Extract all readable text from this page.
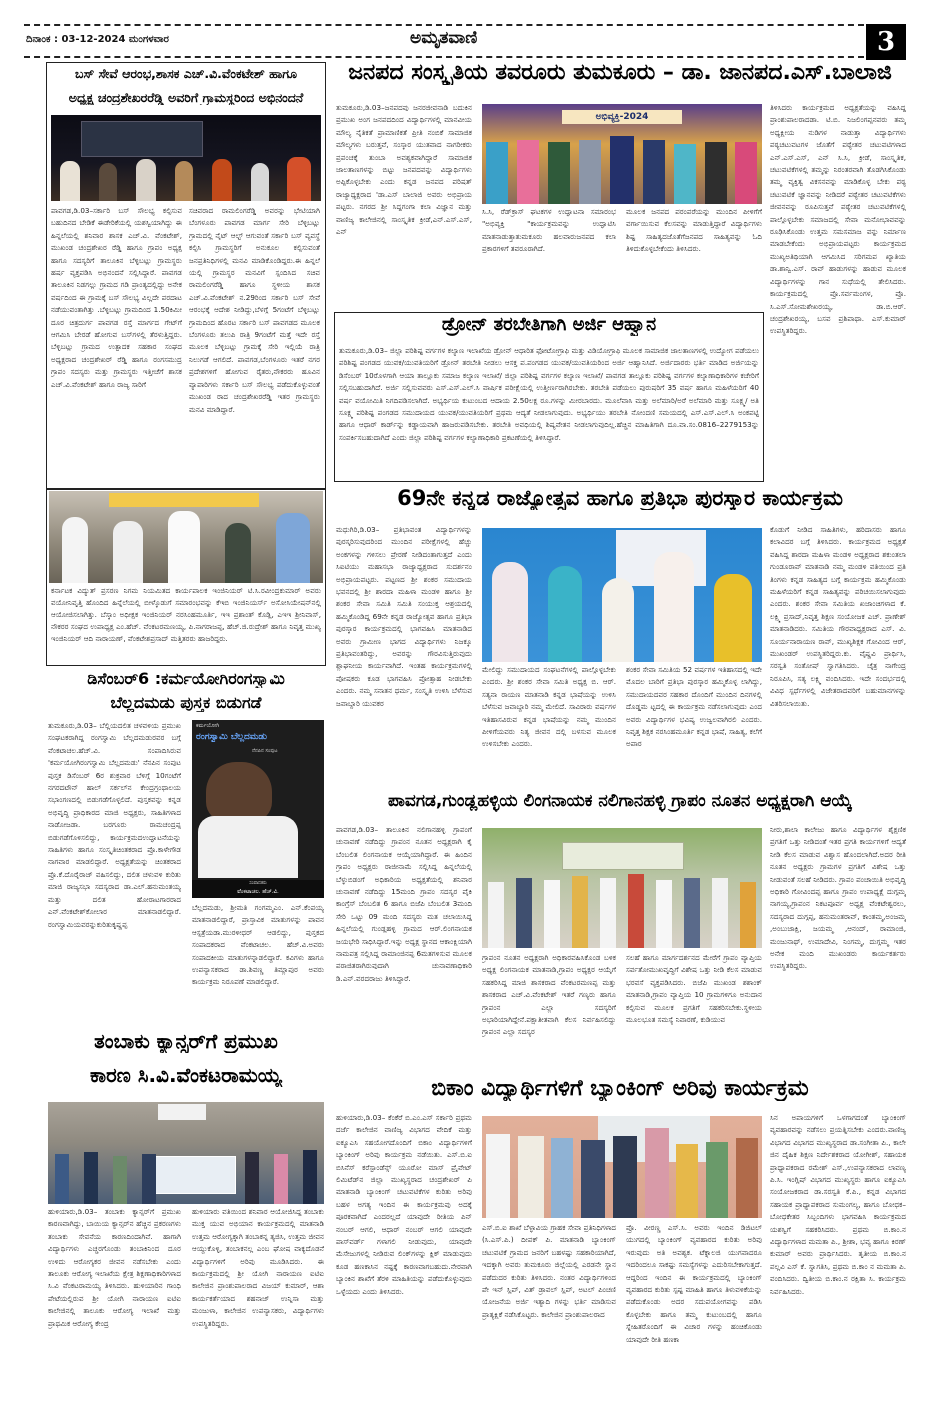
ದಿನಾಂಕ : 03-12-2024 ಮಂಗಳವಾರ	ಅಮೃತವಾಣಿ	3
ಬಸ್ ಸೇವೆ ಆರಂಭ,ಶಾಸಕ ಎಚ್.ವಿ.ವೆಂಕಟೇಶ್ ಹಾಗೂ
ಅಧ್ಯಕ್ಷ ಚಂದ್ರಶೇಖರರೆಡ್ಡಿ ಅವರಿಗೆ ಗ್ರಾಮಸ್ಥರಿಂದ ಅಭಿನಂದನೆ
ಪಾವಗಡ,ಡಿ.03–ಸರ್ಕಾರಿ ಬಸ್ ಸೌಲಭ್ಯ ಕಲ್ಪಿಸುವ ಬಹುದಿನದ ಬೇಡಿಕೆ ಈಡೇರಿಕೆಯಲ್ಲಿ ಯಶಸ್ವಿಯಾಗಿದ್ದು ಈ ಹಿನ್ನಲೆಯಲ್ಲಿ ಶನಿವಾರ ಶಾಸಕ ಎಚ್.ವಿ. ವೆಂಕಟೇಶ್, ಮುಖಂಡ ಚಂದ್ರಶೇಖರ ರೆಡ್ಡಿ ಹಾಗೂ ಗ್ರಾಪಂ ಅಧ್ಯಕ್ಷ ಹಾಗೂ ಸದಸ್ಯರಿಗೆ ತಾಲೂಕಿನ ಬೆಳ್ಳಿಬಟ್ಲು ಗ್ರಾಮಸ್ಥರು ಹರ್ಷ ವ್ಯಕ್ತಪಡಿಸಿ ಅಭಿನಂದನೆ ಸಲ್ಲಿಸಿದ್ದಾರೆ. ಪಾವಗಡ ತಾಲೂಕಿನ ನಿಡಗಲ್ಲು ಗ್ರಾಮದ ಗಡಿ ಪ್ರಾಂತ್ಯದಲ್ಲಿದ್ದು ಅನೇಕ ವರ್ಷದಿಂದ ಈ ಗ್ರಾಮಕ್ಕೆ ಬಸ್ ಸೌಲಭ್ಯ ವಿಲ್ಲದೇ ಪರದಾಟ ನಡೆಯುವಂತಾಗಿತ್ತು .ಬೆಳ್ಳಿಬಟ್ಲು ಗ್ರಾಮದಿಂದ 1.50ಕಿಮೀ ದೂರ ಚಿತ್ರದುರ್ಗ ಪಾವಗಡ ರಸ್ತೆ ಮಾರ್ಗದ ಗೇಟ್‌ಗೆ ಆಗಮಿಸಿ ಬೇರಡೆ ಹೋಗುವ ಬಸ್‌ಗಳಲ್ಲಿ ತೆರಳುತ್ತಿದ್ದರು. ಬೆಳ್ಳಿಬಟ್ಲು ಗ್ರಾಮದ ಉತ್ಪಾದಕ ಸಹಕಾರ ಸಂಘದ ಅಧ್ಯಕ್ಷರಾದ ಚಂದ್ರಶೇಖರ್ ರೆಡ್ಡಿ ಹಾಗೂ ರಂಗಸಮುದ್ರ ಗ್ರಾಪಂ ಸದಸ್ಯರು ಮತ್ತು ಗ್ರಾಮಸ್ಥರು ಇತ್ತೀಚೆಗೆ ಶಾಸಕ ಎಚ್.ವಿ.ವೆಂಕಟೇಶ್ ಹಾಗೂ ರಾಜ್ಯ ಸಾರಿಗೆ
ಸಚಿವರಾದ ರಾಮಲಿಂಗರೆಡ್ಡಿ ಅವರನ್ನು ಭೇಟಿಯಾಗಿ ಬೆಂಗಳೂರು ಪಾವಗಡ ಮಾರ್ಗ ಸೇರಿ ಬೆಳ್ಳಿಬಟ್ಲು ಗ್ರಾಮದಲ್ಲಿ ನೈಟ್ ಆಲ್ಟ್ ಆಗುವಂತೆ ಸರ್ಕಾರಿ ಬಸ್ ವ್ಯವಸ್ಥೆ ಕಲ್ಪಿಸಿ ಗ್ರಾಮಸ್ಥರಿಗೆ ಅನುಕೂಲ ಕಲ್ಪಿಸುವಂತೆ ಜನಪ್ರತಿನಿಧಿಗಳಲ್ಲಿ ಮನವಿ ಮಾಡಿಕೊಂಡಿದ್ದರು.ಈ ಹಿನ್ನಲೆ ಯಲ್ಲಿ ಗ್ರಾಮಸ್ಥರ ಮನವಿಗೆ ಸ್ಪಂದಿಸಿದ ಸಚಿವ ರಾಮಲಿಂಗರೆಡ್ಡಿ ಹಾಗೂ ಸ್ಥಳೀಯ ಶಾಸಕ ಎಚ್.ವಿ.ವೆಂಕಟೇಶ್ ನ.29ರಿಂದ ಸರ್ಕಾರಿ ಬಸ್ ಸೇವೆ ಆರಂಭಕ್ಕೆ ಆದೇಶ ನೀಡಿದ್ದು,ಬೆಳಗ್ಗೆ 5ಗಂಟೆಗೆ ಬೆಳ್ಳಿಬಟ್ಲು ಗ್ರಾಮದಿಂದ ಹೊರಟ ಸರ್ಕಾರಿ ಬಸ್ ಪಾವಗಡದ ಮೂಲಕ ಬೆಂಗಳೂರು ತಲುಪಿ ರಾತ್ರಿ 9ಗಂಟೆಗೆ ಮತ್ತೆ ಇದೇ ರಸ್ತೆ ಮೂಲಕ ಬೆಳ್ಳಿಬಟ್ಲು ಗ್ರಾಮಕ್ಕೆ ಸೇರಿ ಇಲ್ಲಿಯೆ ರಾತ್ರಿ ನಿಲುಗಡೆ ಆಗಲಿದೆ. ಪಾವಗಡ,ಬೆಂಗಳೂರು ಇತರೆ ನಗರ ಪ್ರದೇಶಗಳಿಗೆ ಹೋಗುವ ರೈತರು,ನೌಕರರು ಹೂವಿನ ವ್ಯಾಪಾರಿಗಳು ಸರ್ಕಾರಿ ಬಸ್ ಸೌಲಭ್ಯ ಪಡೆದುಕೊಳ್ಳುವಂತೆ ಮುಖಂಡ ರಾದ ಚಂದ್ರಶೇಖರರೆಡ್ಡಿ ಇತರ ಗ್ರಾಮಸ್ಥರು ಮನವಿ ಮಾಡಿದ್ದಾರೆ.
ಕರ್ನಾಟಕ ವಿದ್ಯುತ್ ಪ್ರಸರಣ ನಿಗಮ ನಿಯಮಿತದ ಕಾರ್ಯಪಾಲಕ ಇಂಜಿನಿಯರ್ ಟಿ.ಸಿ.ರವೀಂದ್ರಕುಮಾರ್ ಅವರು ವಯೋನಿವೃತ್ತಿ ಹೊಂದಿದ ಹಿನ್ನೆಲೆಯಲ್ಲಿ ಬೀಳ್ಕೊಡುಗೆ ಸಮಾರಂಭವನ್ನು ಕೆಇಬಿ ಇಂಜಿನಿಯರ್ಸ್ ಅಸೋಸಿಯೇಷನ್‌ನಲ್ಲಿ ಆಯೋಜಿಸಲಾಗಿತ್ತು. ಬೆಸ್ಕಾಂ ಅಧೀಕ್ಷಕ ಇಂಜಿನಿಯರ್ ನರಸಿಂಹಮೂರ್ತಿ, ಇಇ ಪ್ರಶಾಂತ್ ಕೊಡ್ಲಿ, ಎಇಇ ಶ್ರೀನಿವಾಸ್, ನೌಕರರ ಸಂಘದ ಉಪಾಧ್ಯಕ್ಷ ಎಂ.ಹೆಚ್. ವೆಂಕಟರಮಣಯ್ಯ, ಪಿ.ನಾಗರಾಜಪ್ಪ, ಹೆಚ್.ಜಿ.ರುದ್ರೇಶ್ ಹಾಗೂ ನಿವೃತ್ತ ಮುಖ್ಯ ಇಂಜಿನಿಯರ್ ಆದಿ ನಾರಾಯಣ್, ವೆಂಕಟೇಶಪ್ರಸಾದ್ ಮತ್ತಿತರರು ಹಾಜರಿದ್ದರು.
ಡಿಸೆಂಬರ್6 :ಕರ್ಮಯೋಗಿರಂಗಸ್ವಾಮಿ
ಬೆಲ್ಲದಮಡು ಪುಸ್ತಕ ಬಿಡುಗಡೆ
ತುಮಕೂರು,ಡಿ.03– ಬೆಲ್ಲಿಯದಲಿತ ಚಳವಳಿಯ ಪ್ರಮುಖ ಸಂಘಟಕರಾಗಿದ್ದ ರಂಗಸ್ವಾಮಿ ಬೆಲ್ಲದಮಡುರವರ ಬಗ್ಗೆ ವೆಂಕಟಾಚಲ.ಹೆಚ್.ವಿ. ಸಂಪಾದಿಸಿರುವ 'ಕರ್ಮಯೋಗಿರಂಗಸ್ವಾಮಿ ಬೆಲ್ಲದಮಡು' ನೆನಪಿನ ಸಂಪುಟ ಪುಸ್ತಕ ಡಿಸೆಂಬರ್ 6ರ ಶುಕ್ರವಾರ ಬೆಳಿಗ್ಗೆ 10ಗಂಟೆಗೆ ನಗರದಟೌನ್ ಹಾಲ್ ಸರ್ಕಲ್‌ನ ಕೇಂದ್ರಗ್ರಂಥಾಲಯ ಸಭಾಂಗಣದಲ್ಲಿ ಬಿಡುಗಡೆಗೊಳ್ಳಲಿದೆ. ಪುಸ್ತಕವನ್ನು ಕನ್ನಡ ಅಭಿವೃದ್ಧಿ ಪ್ರಾಧಿಕಾರದ ಮಾಜಿ ಅಧ್ಯಕ್ಷರು, ಸಾಹಿತಿಗಳಾದ ನಾಡೋಜಡಾ. ಬರಗೂರು ರಾಮಚಂದ್ರಪ್ಪ ಬಿಡುಗಡೆಗೊಳಿಸಲಿದ್ದು, ಕಾರ್ಯಕ್ರಮದಉದ್ಘಾಟನೆಯನ್ನು ಸಾಹಿತಿಗಳು ಹಾಗೂ ಸಂಸ್ಕೃತಿಚಿಂತಕರಾದ ಪ್ರೊ.ಕಾಳೇಗೌಡ ನಾಗವಾರ ಮಾಡಲಿದ್ದಾರೆ. ಅಧ್ಯಕ್ಷತೆಯನ್ನು ಚಿಂತಕರಾದ ಪ್ರೊ.ಕೆ.ದೊರೈರಾಜ್ ವಹಿಸಲಿದ್ದು, ದಲಿತ ಚಳುವಳಿ ಕುರಿತು ಮಾಜಿ ರಾಜ್ಯಸಭಾ ಸದಸ್ಯರಾದ ಡಾ.ಎಲ್.ಹನುಮಂತಯ್ಯ ಮತ್ತು ದಲಿತ ಹೋರಾಟಗಾರರಾದ ಎನ್.ವೆಂಕಟೇಶ್‌ಕೋಲಾರ ಮಾತನಾಡಲಿದ್ದಾರೆ. ರಂಗಸ್ವಾಮಿಯವರನ್ನುಕುರಿತುಕೃಷ್ಣಪ್ಪ
ಕರ್ಮಯೋಗಿ
ರಂಗಸ್ವಾಮಿ ಬೆಲ್ಲದಮಡು
ನೆನಪಿನ ಸಂಪುಟ
ಸಂಪಾದಕರು
ವೆಂಕಟಾಚಲ. ಹೆಚ್.ವಿ.
ಬೆಲ್ಲದಮಡು, ಶ್ರೀಮತಿ ಗಂಗಮ್ಮಎಂ. ಎನ್.ಕೆಂಪಯ್ಯ ಮಾತನಾಡಲಿದ್ದಾರೆ, ಪ್ರಾಸ್ತಾವಿಕ ಮಾತುಗಳನ್ನು ಪಾವನ ಆಸ್ಪತ್ರೆಯಡಾ.ಮುರಳೀಧರ್ ಆಡಲಿದ್ದು, ಪುಸ್ತಕದ ಸಂಪಾದಕರಾದ ವೆಂಕಟಾಚಲ. ಹೆಚ್.ವಿ.ಅವರು ಸಂಪಾದಕೀಯ ಮಾತುಗಳನ್ನಾಡಲಿದ್ದಾರೆ. ಕವಿಗಳು ಹಾಗೂ ಉಪನ್ಯಾಸಕರಾದ ಡಾ.ಶಿವಣ್ಣ ತಿಮ್ಲಾಪುರ ಅವರು ಕಾರ್ಯಕ್ರಮ ನಿರೂಪಣೆ ಮಾಡಲಿದ್ದಾರೆ.
ತಂಬಾಕು ಕ್ಯಾನ್ಸರ್‌ಗೆ ಪ್ರಮುಖ
ಕಾರಣ ಸಿ.ವಿ.ವೆಂಕಟರಾಮಯ್ಯ
ಹುಳಿಯಾರು,ಡಿ.03– ತಂಬಾಕು ಕ್ಯಾನ್ಸರ್‌ಗೆ ಪ್ರಮುಖ ಕಾರಣವಾಗಿದ್ದು, ಬಾಯಿಯ ಕ್ಯಾನ್ಸರ್‌ನ ಹೆಚ್ಚಿನ ಪ್ರಕರಣಗಳು ತಂಬಾಕು ಸೇವನೆಯ ಕಾರಣದಿಂದಾಗಿವೆ. ಹಾಗಾಗಿ ವಿದ್ಯಾರ್ಥಿಗಳು ಎಚ್ಚರಗೊಂಡು ತಂಬಾಕಿನಿಂದ ದೂರ ಉಳಿದು ಆರೋಗ್ಯಕರ ಜೀವನ ನಡೆಸಬೇಕು ಎಂದು ತಾಲೂಕು ಆರೋಗ್ಯ ಇಲಾಖೆಯ ಕ್ಷೇತ್ರ ಶಿಕ್ಷಣಾಧಿಕಾರಿಗಳಾದ ಸಿ.ವಿ ವೆಂಕಟರಾಮಯ್ಯ ತಿಳಿಸಿದರು. ಹುಳಿಯಾರಿನ ಗಾಂಧಿ ಪೇಟೆಯಲ್ಲಿರುವ ಶ್ರೀ ಯೋಗಿ ನಾರಾಯಣ ಐಟಿಐ ಕಾಲೇಜಿನಲ್ಲಿ ತಾಲೂಕು ಆರೋಗ್ಯ ಇಲಾಖೆ ಮತ್ತು ಪ್ರಾಥಮಿಕ ಆರೋಗ್ಯ ಕೇಂದ್ರ
ಹುಳಿಯಾರು ವತಿಯಿಂದ ಶನಿವಾರ ಆಯೋಜಿಸಿದ್ದ ತಂಬಾಕು ಮುಕ್ತ ಯುವ ಅಭಿಯಾನ ಕಾರ್ಯಕ್ರಮದಲ್ಲಿ ಮಾತನಾಡಿ ಉತ್ತಮ ಆರೋಗ್ಯಕ್ಕಾಗಿ ತಂಬಾಕನ್ನ ತ್ಯಜಿಸಿ, ಉತ್ತಮ ಜೀವನ ಆಯ್ದುಕೊಳ್ಳಿ, ತಂಬಾಕನಲ್ಲ ಎಂಬ ಘೋಷ ವಾಕ್ಯದೊಡನೆ ವಿದ್ಯಾರ್ಥಿಗಳಿಗೆ ಅರಿವು ಮೂಡಿಸಿದರು. ಈ ಕಾರ್ಯಕ್ರಮದಲ್ಲಿ ಶ್ರೀ ಯೋಗಿ ನಾರಾಯಣ ಐಟಿಐ ಕಾಲೇಜಿನ ಪ್ರಾಂಶುಪಾಲರಾದ ವಿಜಯ್ ಕುಮಾರ್, ಆಶಾ ಕಾರ್ಯಕರ್ತೆಯಾದ ಶಹನಾಜ್ ಉನ್ನಿಸಾ ಮತ್ತು ಮಂಜುಳಾ, ಕಾಲೇಜಿನ ಉಪನ್ಯಾಸಕರು, ವಿದ್ಯಾರ್ಥಿಗಳು ಉಪಸ್ಥಿತರಿದ್ದರು.
ಜನಪದ ಸಂಸ್ಕೃತಿಯ ತವರೂರು ತುಮಕೂರು – ಡಾ. ಜಾನಪದ.ಎಸ್.ಬಾಲಾಜಿ
ತುಮಕೂರು,ಡಿ.03–ಜನಪದವು ಜನರಜೀವನಾಡಿ ಬದುಕಿನ ಪ್ರಮುಖ ಅಂಗ ಜನಪದದಿಂದ ವಿದ್ಯಾರ್ಥಿಗಳಲ್ಲಿ ಮಾನವೀಯ ಮೌಲ್ಯ ನೈತಿಕತೆ ಪ್ರಾಮಾಣಿಕತೆ ಪ್ರೀತಿ ನಂಬಿಕೆ ಸಾಮಾಜಿಕ ಮೌಲ್ಯಗಳು ಬರುತ್ತವೆ, ಸಂಸ್ಕಾರ ಯುತವಾದ ನಾಗರೀಕರು ಪ್ರಪಂಚಕ್ಕೆ ತುಂಬಾ ಅವಶ್ಯಕವಾಗಿದ್ದಾರೆ ಸಾಮಾಜಿಕ ಜಾಲತಾಣಗಳನ್ನು ಬಿಟ್ಟು ಜನಪದವನ್ನು ವಿದ್ಯಾರ್ಥಿಗಳು ಅಪ್ಪಿಕೊಳ್ಳಬೇಕು ಎಂದು ಕನ್ನಡ ಜನಪದ ಪರಿಷತ್ ರಾಜ್ಯಾಧ್ಯಕ್ಷರಾದ 'ಡಾ.ಎಸ್ ಬಾಲಾಜಿ ಅವರು ಅಭಿಪ್ರಾಯ ಪಟ್ಟರು. ನಗರದ ಶ್ರೀ ಸಿದ್ದಗಂಗಾ ಕಲಾ ವಿಜ್ಞಾನ ಮತ್ತು ವಾಣಿಜ್ಯ ಕಾಲೇಜಿನಲ್ಲಿ ಸಾಂಸ್ಕೃತಿಕ ಕ್ರೀಡೆ,ಎನ್.ಎಸ್.ಎಸ್, ಎನ್
ಅಭಿವ್ಯಕ್ತಿ-2024
ಸಿ.ಸಿ, ರೆಡ್‌ಕ್ರಾಸ್ ಘಟಕಗಳ ಉದ್ಘಾಟನಾ ಸಮಾರಂಭ "ಅಭಿವ್ಯಕ್ತಿ "ಕಾರ್ಯಕ್ರಮವನ್ನು ಉದ್ಘಾಟಿಸಿ ಮಾತನಾಡುತ್ತಾತುಮಕೂರು ಹಲವಾರುಜನಪದ ಕಲಾ ಪ್ರಕಾರಗಳಿಗೆ ತವರೂರಾಗಿದೆ.
ಮೂಲಕ ಜನಪದ ಪರಂಪರೆಯನ್ನು ಮುಂದಿನ ಪೀಳಿಗೆಗೆ ವರ್ಗಾಯಿಸುವ ಕೆಲಸವನ್ನು ಮಾಡುತ್ತಿದ್ದಾರೆ ವಿದ್ಯಾರ್ಥಿಗಳು ಶಿಷ್ಟ ಸಾಹಿತ್ಯದಜೊತೆಗೆಜನಪದ ಸಾಹಿತ್ಯವನ್ನು ಓದಿ ತಿಳಿದುಕೊಳ್ಳಬೇಕೆಂದು ತಿಳಿಸಿದರು.
ತಿಳಿಸಿದರು ಕಾರ್ಯಕ್ರಮದ ಅಧ್ಯಕ್ಷತೆಯನ್ನು ವಹಿಸಿದ್ದ ಪ್ರಾಂಶುಪಾಲರಾದಡಾ. ಟಿ.ಬಿ. ನಿಜಲಿಂಗಪ್ಪನವರು ತಮ್ಮ ಅಧ್ಯಕ್ಷೀಯ ನುಡಿಗಳ ನಾಡುತ್ತಾ ವಿದ್ಯಾರ್ಥಿಗಳು ಪಠ್ಯಚಟುವಟಗಳ ಜೊತೆಗೆ ಪಠ್ಯೇತರ ಚಟುವಟಿಗಳಾದ ಎನ್.ಎಸ್.ಎಸ್, ಎನ್ ಸಿ.ಸಿ, ಕ್ರೀಡೆ, ಸಾಂಸ್ಕೃತಿಕ, ಚಟುವಟಿಕೆಗಳಲ್ಲಿ ತಮ್ಮನ್ನು ನಿರಂತರವಾಗಿ ತೊಡಗಿಸಿಕೊಂಡು ತಮ್ಮ ವ್ಯಕ್ತಿತ್ವ ವಿಕಸನವನ್ನು ಮಾಡಿಕೊಳ್ಳ ಬೇಕು ಪಠ್ಯ ಚಟುವಟಿಕೆ ಜ್ಞಾನವನ್ನು ನೀಡಿದರೆ ಪಠ್ಯೇತರ ಚಟುವಟಿಕೆಗಳು ಜೀವನವನ್ನು ರೂಪಿಸುತ್ತವೆ ಪಠ್ಯೇತರ ಚಟುವಟಿಕೆಗಳಲ್ಲಿ ಪಾಲ್ಗೊಳ್ಳಬೇಕು ಸಮಾಜದಲ್ಲಿ ಸೇವಾ ಮನೋಭಾವವನ್ನು ರೂಢಿಸಿಕೊಂಡು ಉತ್ತಮ ಸಮಸಮಾಜ ವನ್ನು ನಿರ್ಮಾಣ ಮಾಡಬೇಕೆಂದು ಅಭಿಪ್ರಾಯಪಟ್ಟರು ಕಾರ್ಯಕ್ರಮದ ಮುಖ್ಯಅತಿಥಿಯಾಗಿ ಆಗಮಿಸಿದ ಸರಿಗಮಪ ಖ್ಯಾತಿಯ ಡಾ.ಶಾನ್ವಿ.ಎಸ್. ರಾವ್ ಹಾಡುಗಳನ್ನು ಹಾಡುವ ಮೂಲಕ ವಿದ್ಯಾರ್ಥಿಗಳನ್ನು ಗಾನ ಸುಧೆಯಲ್ಲಿ ತೇಲಿಸಿದರು. ಕಾರ್ಯಕ್ರಮದಲ್ಲಿ ಪ್ರೊ.ಸರ್ವಮಂಗಳ, ಪ್ರೊ. ಸಿ.ಎಸ್.ಸೋಮಶೇಖರಯ್ಯ, ಡಾ.ಬಿ.ಆರ್. ಚಂದ್ರಶೇಖರಯ್ಯ, ಬಸವ ಪ್ರಶಿಪಾಥಾ. ಎಸ್.ಕುಮಾರ್ ಉಪಸ್ಥಿತರಿದ್ದರು.
ಡ್ರೋನ್ ತರಬೇತಿಗಾಗಿ ಅರ್ಜಿ ಆಹ್ವಾನ
ತುಮಕೂರು,ಡಿ.03– ಜಿಲ್ಲಾ ಪರಿಶಿಷ್ಟ ವರ್ಗಗಳ ಕಲ್ಯಾಣ ಇಲಾಖೆಯ ಡ್ರೋನ್ ಆಧಾರಿತ ಫೋಟೋಗ್ರಾಫಿ ಮತ್ತು ವಿಡಿಯೋಗ್ರಾಫಿ ಮೂಲಕ ಸಾಮಾಜಿಕ ಜಾಲತಾಣಗಳಲ್ಲಿ ಉದ್ಯೋಗ ಪಡೆಯಲು ಪರಿಶಿಷ್ಟ ಪಂಗಡದ ಯುವಕ/ಯುವತಿಯರಿಗೆ ಡ್ರೋನ್ ತರಬೇತಿ ನೀಡಲು ಆಸಕ್ತ ಪ.ಪಂಗಡದ ಯುವಕ/ಯುವತಿಯರಿಂದ ಅರ್ಜಿ ಆಹ್ವಾನಿಸಿದೆ. ಅರ್ಜಿದಾರರು ಭರ್ತಿ ಮಾಡಿದ ಅರ್ಜಿಯನ್ನು ಡಿಸೆಂಬರ್ 10ರೊಳಗಾಗಿ ಆಯಾ ತಾಲ್ಲೂಕು ಸಮಾಜ ಕಲ್ಯಾಣ ಇಲಾಖೆ/ ಜಿಲ್ಲಾ ಪರಿಶಿಷ್ಟ ವರ್ಗಗಳ ಕಲ್ಯಾಣ ಇಲಾಖೆ/ ಪಾವಗಡ ತಾಲ್ಲೂಕು ಪರಿಶಿಷ್ಟ ವರ್ಗಗಳ ಕಲ್ಯಾಣಾಧಿಕಾರಿಗಳ ಕಚೇರಿಗೆ ಸಲ್ಲಿಸಬಹುದಾಗಿದೆ. ಅರ್ಜಿ ಸಲ್ಲಿಸುವವರು ಎಸ್.ಎಸ್.ಎಲ್.ಸಿ ವಾರ್ಷಿಕ ಪರೀಕ್ಷೆಯಲ್ಲಿ ಉತ್ತೀರ್ಣರಾಗಿರಬೇಕು. ತರಬೇತಿ ಪಡೆಯಲು ಪುರುಷರಿಗೆ 35 ವರ್ಷ ಹಾಗೂ ಮಹಿಳೆಯರಿಗೆ 40 ವರ್ಷ ವಯೋಮಿತಿ ನಿಗದಿಪಡಿಸಲಾಗಿದೆ. ಅಭ್ಯರ್ಥಿಯ ಕುಟುಂಬದ ಆದಾಯ 2.50ಲಕ್ಷ ರೂ.ಗಳನ್ನು ಮೀರಬಾರದು. ಮೂಲೆವಾಸಿ ಮತ್ತು ಅಲೆಮಾರಿ/ಅರೆ ಅಲೆಮಾರಿ ಮತ್ತು ಸೂಕ್ಷ್ಮ/ ಅತಿ ಸೂಕ್ಷ್ಮ ಪರಿಶಿಷ್ಟ ಪಂಗಡದ ಸಮುದಾಯದ ಯುವಕ/ಯುವತಿಯರಿಗೆ ಪ್ರಥಮ ಆದ್ಯತೆ ನೀಡಲಾಗುವುದು. ಅಭ್ಯರ್ಥಿಯು ತರಬೇತಿ ನೋಂದಣಿ ಸಮಯದಲ್ಲಿ ಎಸ್.ಎಸ್.ಎಲ್.ಸಿ ಅಂಕಪಟ್ಟಿ ಹಾಗೂ ಆಧಾರ್ ಕಾರ್ಡ್‌ನ್ನು ಕಡ್ಡಾಯವಾಗಿ ಹಾಜರುಪಡಿಸಬೇಕು. ತರಬೇತಿ ಅವಧಿಯಲ್ಲಿ ಶಿಷ್ಯವೇತನ ನೀಡಲಾಗುವುದಿಲ್ಲ.ಹೆಚ್ಚಿನ ಮಾಹಿತಿಗಾಗಿ ದೂ.ವಾ.ಸಂ.0816–2279153ನ್ನು ಸಂಪರ್ಕಿಸಬಹುದಾಗಿದೆ ಎಂದು ಜಿಲ್ಲಾ ಪರಿಶಿಷ್ಟ ವರ್ಗಗಳ ಕಲ್ಯಾಣಾಧಿಕಾರಿ ಪ್ರಕಟಣೆಯಲ್ಲಿ ತಿಳಿಸಿದ್ದಾರೆ.
69ನೇ ಕನ್ನಡ ರಾಜ್ಯೋತ್ಸವ ಹಾಗೂ ಪ್ರತಿಭಾ ಪುರಸ್ಕಾರ ಕಾರ್ಯಕ್ರಮ
ಮಧುಗಿರಿ,ಡಿ.03– ಪ್ರತಿಭಾವಂತ ವಿದ್ಯಾರ್ಥಿಗಳನ್ನು ಪುರಸ್ಕರಿಸುವುದರಿಂದ ಮುಂದಿನ ಪರೀಕ್ಷೆಗಳಲ್ಲಿ ಹೆಚ್ಚು ಅಂಕಗಳನ್ನು ಗಳಿಸಲು ಪ್ರೇರಣೆ ನೀಡಿದಂತಾಗುತ್ತದೆ ಎಂದು ಸಿಐಟಿಯು ಮಹಾಸಭಾ ರಾಜ್ಯಾಧ್ಯಕ್ಷರಾದ ಸುದರ್ಶನಂ ಅಭಿಪ್ರಾಯಪಟ್ಟರು. ಪಟ್ಟಣದ ಶ್ರೀ ಶಂಕರ ಸಮುದಾಯ ಭವನದಲ್ಲಿ ಶ್ರೀ ಶಾರದಾ ಮಹಿಳಾ ಮಂಡಳಿ ಹಾಗೂ ಶ್ರೀ ಶಂಕರ ಸೇವಾ ಸಮಿತಿ ಸಮಿತಿ ಸಂಯುಕ್ತ ಆಶ್ರಯದಲ್ಲಿ ಹಮ್ಮಿಕೊಂಡಿದ್ದ 69ನೇ ಕನ್ನಡ ರಾಜ್ಯೋತ್ಸವ ಹಾಗೂ ಪ್ರತಿಭಾ ಪುರಸ್ಕಾರ ಕಾರ್ಯಕ್ರಮದಲ್ಲಿ ಭಾಗವಹಿಸಿ ಮಾತನಾಡಿದ ಅವರು ಗ್ರಾಮೀಣ ಭಾಗದ ವಿದ್ಯಾರ್ಥಿಗಳು ನಿಜಕ್ಕೂ ಪ್ರತಿಭಾವಂತರಿದ್ದು, ಅವರನ್ನು ಗೌರವಿಸುತ್ತಿರುವುದು ಶ್ಲಾಘನೀಯ ಕಾರ್ಯವಾಗಿದೆ. ಇಂತಹ ಕಾರ್ಯಕ್ರಮಗಳಲ್ಲಿ ಪೋಷಕರು ಕೂಡ ಭಾಗವಹಿಸಿ ಪ್ರೋತ್ಸಾಹ ನೀಡಬೇಕು ಎಂದರು. ನಮ್ಮ ಸನಾತನ ಧರ್ಮ, ಸಂಸ್ಕೃತಿ ಉಳಿಸಿ ಬೆಳೆಸುವ ಜವಾಬ್ದಾರಿ ಯುವಕರ
ಮೇಲಿದ್ದು ಸಮುದಾಯದ ಸಂಘಟನೆಗಳಲ್ಲಿ ಪಾಲ್ಗೊಳ್ಳಬೇಕು ಎಂದರು. ಶ್ರೀ ಶಂಕರ ಸೇವಾ ಸಮಿತಿ ಅಧ್ಯಕ್ಷ ಬಿ. ಆರ್. ಸತ್ಯನಾ ರಾಯಣ ಮಾತನಾಡಿ ಕನ್ನಡ ಭಾಷೆಯನ್ನು ಉಳಿಸಿ ಬೆಳೆಸುವ ಜವಾಬ್ದಾರಿ ನಮ್ಮ ಮೇಲಿದೆ. ಸಾವಿರಾರು ವರ್ಷಗಳ ಇತಿಹಾಸವಿರುವ ಕನ್ನಡ ಭಾಷೆಯನ್ನು ನಮ್ಮ ಮುಂದಿನ ಪೀಳಿಗೆಯವರು ನಿತ್ಯ ಜೀವನ ದಲ್ಲಿ ಬಳಸುವ ಮೂಲಕ ಉಳಿಸಬೇಕು ಎಂದರು.
ಶಂಕರ ಸೇವಾ ಸಮಿತಿಯ 52 ವರ್ಷಗಳ ಇತಿಹಾಸದಲ್ಲಿ ಇದೇ ಮೊದಲ ಬಾರಿಗೆ ಪ್ರತಿಭಾ ಪುರಸ್ಕಾರ ಹಮ್ಮಿಕೊಳ್ಳ ಲಾಗಿದ್ದು, ಸಮುದಾಯದವರ ಸಹಕಾರ ದೊಂದಿಗೆ ಮುಂದಿನ ದಿನಗಳಲ್ಲಿ ದೊಡ್ಡಮ ಟ್ಟದಲ್ಲಿ ಈ ಕಾರ್ಯಕ್ರಮ ನಡೆಸಲಾಗುವುದು ಎಂದ ಅವರು ವಿದ್ಯಾರ್ಥಿಗಳ ಭವಿಷ್ಯ ಉಜ್ವಲವಾಗಿರಲಿ ಎಂದರು. ನಿವೃತ್ತ ಶಿಕ್ಷಕ ನರಸಿಂಹಮೂರ್ತಿ ಕನ್ನಡ ಭಾಷೆ, ಸಾಹಿತ್ಯ, ಕಲೆಗೆ ಅಪಾರ
ಕೊಡುಗೆ ನೀಡಿದ ಸಾಹಿತಿಗಳು, ಹರಿದಾಸರು ಹಾಗೂ ಕಲಾವಿದರ ಬಗ್ಗೆ ತಿಳಿಸಿದರು. ಕಾರ್ಯಕ್ರಮದ ಅಧ್ಯಕ್ಷತೆ ವಹಿಸಿದ್ದ ಶಾರದಾ ಮಹಿಳಾ ಮಂಡಳಿ ಅಧ್ಯಕ್ಷರಾದ ಶಕುಂತಲಾ ಗುಂಡೂರಾವ್ ಮಾತನಾಡಿ ನಮ್ಮ ಮಂಡಳಿ ವತಿಯಿಂದ ಪ್ರತಿ ತಿಂಗಳು ಕನ್ನಡ ಸಾಹಿತ್ಯದ ಬಗ್ಗೆ ಕಾರ್ಯಕ್ರಮ ಹಮ್ಮಿಕೊಂಡು ಮಹಿಳೆಯರಿಗೆ ಕನ್ನಡ ಸಾಹಿತ್ಯವನ್ನು ಪರಿಚಯಿಸಲಾಗುವುದು ಎಂದರು. ಶಂಕರ ಸೇವಾ ಸಮಿತಿಯ ಖಜಾಂಚಿಗಳಾದ ಕೆ. ಲಕ್ಷ್ಮಿ ಪ್ರಸಾದ್,ನಿವೃತ್ತ ಶಿಕ್ಷಣ ಸಂಯೋಜಕ ಎಚ್. ಪ್ರಾಣೇಶ್ ಮಾತನಾಡಿದರು. ಸಮಿತಿಯ ಗೌರವಾಧ್ಯಕ್ಷರಾದ ಎಸ್. ವಿ. ಸೂರ್ಯನಾರಾಯಣ ರಾವ್, ಮುಖ್ಯಶಿಕ್ಷಕ ಗೋವಿಂದ ಆರ್, ಮುಖಂಡರ್ ಉಪಸ್ಥಿತರಿದ್ದರು.ಕು. ವೈಷ್ಣವಿ ಪ್ರಾರ್ಥಿಸಿ, ಸರಸ್ವತಿ ಸಂತೋಷ್ ಸ್ವಾಗತಿಸಿದರು. ಚೈತ್ರ ನಾಗೇಂದ್ರ ನಿರೂಪಿಸಿ, ಸತ್ಯ ಲಕ್ಷ್ಮಿ ವಂದಿಸಿದರು. ಇದೇ ಸಂದರ್ಭದಲ್ಲಿ ವಿವಿಧ ಸ್ಪರ್ಧೆಗಳಲ್ಲಿ ವಿಜೇತರಾದವರಿಗೆ ಬಹುಮಾನಗಳನ್ನು ವಿತರಿಸಲಾಯಿತು.
ಪಾವಗಡ,ಗುಂಡ್ಲಹಳ್ಳಿಯ ಲಿಂಗನಾಯಕ ನಲಿಗಾನಹಳ್ಳಿ ಗ್ರಾಪಂ ನೂತನ ಅಧ್ಯಕ್ಷರಾಗಿ ಆಯ್ಕೆ
ಪಾವಗಡ,ಡಿ.03– ತಾಲೂಕಿನ ನಲಿಗಾನಹಳ್ಳಿ ಗ್ರಾಪಂಗೆ ಚುನಾವಣೆ ನಡೆದಿದ್ದು ಗ್ರಾಪಂನ ನೂತನ ಅಧ್ಯಕ್ಷರಾಗಿ ಕೈ ಬೆಂಬಲಿತ ಲಿಂಗನಾಯಕ ಆಯ್ಕೆಯಾಗಿದ್ದಾರೆ. ಈ ಹಿಂದಿನ ಗ್ರಾಪಂ ಅಧ್ಯಕ್ಷರು ರಾಜೀನಾಮೆ ಸಲ್ಲಿಸಿದ್ದ ಹಿನ್ನಲೆಯಲ್ಲಿ ಬೆಳ್ಳುಬಿಡಂಗೆ ಅಧಿಕಾರಿಯ ಅಧ್ಯಕ್ಷತೆಯಲ್ಲಿ ಶನಿವಾರ ಚುನಾವಣೆ ನಡೆದಿದ್ದು 15ಮಂದಿ ಗ್ರಾಪಂ ಸದಸ್ಯರ ಪೈಕಿ ಕಾಂಗ್ರೆಸ್ ಬೆಂಬಲಿತ 6 ಹಾಗೂ ಬಿಜೆಪಿ ಬೆಂಬಲಿತ 3ಮಂದಿ ಸೇರಿ ಒಟ್ಟು 09 ಮಂದಿ ಸದಸ್ಯರು ಮತ ಚಲಾಯಿಸಿದ್ದ ಹಿನ್ನಲೆಯಲ್ಲಿ ಗುಂಡ್ಲಹಳ್ಳಿ ಗ್ರಾಮದ ಆರ್.ಲಿಂಗನಾಯಕ ಜಯಭೇರಿ ಸಾಧಿಸಿದ್ದಾರೆ.ಇನ್ನು ಅಧ್ಯಕ್ಷ ಸ್ಥಾನದ ಆಕಾಂಕ್ಷಿಯಾಗಿ ನಾಮಪತ್ರ ಸಲ್ಲಿಸಿದ್ದ ರಾಮಾಂಜಿನಪ್ಪ 6ಮತಗಳಿಸುವ ಮೂಲಕ ಪರಾಜಿತರಾಗಿರುವುದಾಗಿ ಚುನಾವಣಾಧಿಕಾರಿ ಡಿ.ಎನ್.ವರದರಾಜು ತಿಳಿಸಿದ್ದಾರೆ.
ಗ್ರಾಪಂನ ನೂತನ ಅಧ್ಯಕ್ಷರಾಗಿ ಅಧಿಕಾರವಹಿಸಿಕೊಂಡ ಬಳಿಕ ಅಧ್ಯಕ್ಷ ಲಿಂಗನಾಯಕ ಮಾತನಾಡಿ,ಗ್ರಾಪಂ ಅಧ್ಯಕ್ಷರ ಆಯ್ಕೆಗೆ ಸಹಕರಿಸಿದ್ದ ಮಾಜಿ ಶಾಸಕರಾದ ವೆಂಕಟರಮಣಪ್ಪ ಮತ್ತು ಶಾಸಕರಾದ ಎಚ್.ವಿ.ವೆಂಕಟೇಶ್ ಇತರೆ ಗಣ್ಯರು ಹಾಗೂ ಗ್ರಾಪಂನ ಎಲ್ಲಾ ಸದಸ್ಯರಿಗೆ ಅಭಾರಿಯಾಗಿದ್ದೇನೆ.ಪಕ್ಷಾತೀತವಾಗಿ ಕೆಲಸ ನಿರ್ವಹಿಸಲಿದ್ದು ಗ್ರಾಪಂನ ಎಲ್ಲಾ ಸದಸ್ಯರ
ಸಲಹೆ ಹಾಗೂ ಮಾರ್ಗದರ್ಶನದ ಮೇರೆಗೆ ಗ್ರಾಪಂ ವ್ಯಾಪ್ತಿಯ ಸರ್ವತೋಮುಖವೃದ್ಧಿಗೆ ವಿಶೇಷ ಒತ್ತು ನೀಡಿ ಕೆಲಸ ಮಾಡುವ ಭರವಸೆ ವ್ಯಕ್ತಪಡಿಸಿದರು. ಬಿಜೆಪಿ ಮುಖಂಡ ಶಶಾಂಕ್ ಮಾತನಾಡಿ,ಗ್ರಾಪಂ ವ್ಯಾಪ್ತಿಯ 10 ಗ್ರಾಮಗಳಿಗೂ ಅನುದಾನ ಕಲ್ಪಿಸುವ ಮೂಲಕ ಪ್ರಗತಿಗೆ ಸಹಕರಿಸಬೇಕು.ಸ್ಥಳೀಯ ಮೂಲಭೂತ ಸಮಸ್ಯೆ ನಿವಾರಣೆ, ಕುಡಿಯುವ
ನೀರು,ಶಾಲಾ ಕಾಲೇಜು ಹಾಗೂ ವಿದ್ಯಾರ್ಥಿಗಳ ಶೈಕ್ಷಣಿಕ ಪ್ರಗತಿಗೆ ಒತ್ತು ನೀಡಿದಂತೆ ಇತರ ಪ್ರಗತಿ ಕಾರ್ಯಗಳಿಗೆ ಆದ್ಯತೆ ನೀಡಿ ಕೆಲಸ ಮಾಡುವ ವಿಶ್ವಾಸ ಹೊಂದಲಾಗಿದೆ.ಅದರ ರೀತಿ ನೂತನ ಅಧ್ಯಕ್ಷರು ಗ್ರಾಮಗಳ ಪ್ರಗತಿಗೆ ವಿಶೇಷ ಒತ್ತು ನೀಡುವಂತೆ ಸಲಹೆ ನೀಡಿದರು. ಗ್ರಾಪಂ ಪಂಚಾಯಿತಿ ಅಭಿವೃದ್ಧಿ ಅಧಿಕಾರಿ ಗೋವಿಂದಪ್ಪ ಹಾಗೂ ಗ್ರಾಪಂ ಉಪಾಧ್ಯಕ್ಷೆ ದುಗ್ಗಮ್ಮ ನಾಗಯ್ಯ,ಗ್ರಾಪಂನ ನಿಕಟಪೂರ್ವ ಅಧ್ಯಕ್ಷ ವೆಂಕಟೇಶ್ವರಲು, ಸದಸ್ಯರಾದ ದುಗ್ಗಪ್ಪ, ಹನುಮಂತರಾವ್, ಕಾಂತಮ್ಮ,ಅಂಜಮ್ಮ ,ಅಂಬುಜಾಕ್ಷಿ, ಜಯಮ್ಮ ,ಆನಂದ್, ರಾಮಾಂಜಿ, ಮಂಜುನಾಥ್, ಉಮಾದೇವಿ, ನಿಂಗಮ್ಮ, ದುಗ್ಗಮ್ಮ ಇತರ ಅನೇಕ ಮಂದಿ ಮುಖಂಡರು ಕಾರ್ಯಕರ್ತರು ಉಪಸ್ಥಿತರಿದ್ದರು.
ಬಿಕಾಂ ವಿದ್ಯಾರ್ಥಿಗಳಿಗೆ ಬ್ಯಾಂಕಿಂಗ್ ಅರಿವು ಕಾರ್ಯಕ್ರಮ
ಹುಳಿಯಾರು,ಡಿ.03– ಕೆಂಕೆರೆ ಬಿ.ಎಂ.ಎಸ್ ಸರ್ಕಾರಿ ಪ್ರಥಮ ದರ್ಜೆ ಕಾಲೇಜಿನ ವಾಣಿಜ್ಯ ವಿಭಾಗದ ವೇದಿಕೆ ಮತ್ತು ಐಕ್ಯೂಎಸಿ ಸಹಯೋಗದೊಂದಿಗೆ ಬಿಕಾಂ ವಿದ್ಯಾರ್ಥಿಗಳಿಗೆ ಬ್ಯಾಂಕಿಂಗ್ ಅರಿವು ಕಾರ್ಯಕ್ರಮ ನಡೆಯಿತು. ಎಸ್.ಬಿ.ಐ ಬಿಸಿನೆಸ್ ಕರೆಸ್ಪಾಂಡೆನ್ಸ್ ಯೂರೋ ಮಾಸ್ ಪ್ರೈವೇಟ್ ಲಿಮಿಟೆಡ್‌ನ ಜಿಲ್ಲಾ ಮುಖ್ಯಸ್ಥರಾದ ಚಂದ್ರಶೇಖರ್ ಪಿ ಮಾತನಾಡಿ ಬ್ಯಾಂಕಿಂಗ್ ಚಟುವಟಿಕೆಗಳ ಕುರಿತು ಅರಿವು ಬಹಳ ಅಗತ್ಯ ಇಂದಿನ ಈ ಕಾರ್ಯಕ್ರಮವು ಅದಕ್ಕೆ ಪೂರಕವಾಗಿದೆ ಎಂದರಲ್ಲದೆ ಯಾವುದೇ ರೀತಿಯ ಪಿನ್ ನಂಬರ್ ಆಗಲಿ, ಆಧಾರ್ ನಂಬರ್ ಆಗಲಿ ಯಾವುದೇ ಪಾಸ್‌ವರ್ಡ್ ಗಳಾಗಲಿ ನೀಡುವುದು, ಯಾವುದೇ ಮೆಸೇಜುಗಳಲ್ಲಿ ನೀಡಿರುವ ಲಿಂಕ್‌ಗಳನ್ನು ಕ್ಲಿಕ್ ಮಾಡುವುದು ಕೂಡ ಹಣಕಾಸಿನ ನಷ್ಟಕ್ಕೆ ಕಾರಣವಾಗಬಹುದು.ನೇರವಾಗಿ ಬ್ಯಾಂಕಿನ ಶಾಖೆಗೆ ತೆರಳಿ ಮಾಹಿತಿಯನ್ನು ಪಡೆದುಕೊಳ್ಳುವುದು ಒಳ್ಳೆಯದು ಎಂದು ತಿಳಿಸಿದರು.
ಎಸ್.ಬಿ.ಐ ಶಾಖೆ ಬೆಳ್ಳಾವಿಯ ಗ್ರಾಹಕ ಸೇವಾ ಪ್ರತಿನಿಧಿಗಳಾದ (ಸಿ.ಎಸ್.ಪಿ.) ದೀಪಕ್ ಪಿ. ಮಾತನಾಡಿ ಬ್ಯಾಂಕಿಂಗ್ ಚಟುವಟಿಕೆ ಗ್ರಾಮದ ಜನರಿಗೆ ಬಹಳಷ್ಟು ಸಹಕಾರಿಯಾಗಿದೆ, ಇದಕ್ಕಾಗಿ ಅವರು ತುಮಕೂರು ಜಿಲ್ಲೆಯಲ್ಲಿ ಎರಡನೇ ಸ್ಥಾನ ಪಡೆದುದರ ಕುರಿತು ತಿಳಿಸಿದರು. ನಂತರ ವಿದ್ಯಾರ್ಥಿಗಳಿಂದ ಪೇ ಇನ್ ಸ್ಲಿಪ್, ವಿತ್ ಡ್ರಾವಲ್ ಸ್ಲಿಪ್, ಅಟಲ್ ಪಿಂಚಣಿ ಯೋಜನೆಯ ಅರ್ಜಿ ಇತ್ಯಾದಿ ಗಳನ್ನು ಭರ್ತಿ ಮಾಡಿಸುವ ಪ್ರಾತ್ಯಕ್ಷಿಕೆ ನಡೆಸಿಕೊಟ್ಟರು. ಕಾಲೇಜಿನ ಪ್ರಾಂಶುಪಾಲರಾದ
ಪ್ರೊ. ವೀರಣ್ಣ ಎಸ್.ಸಿ. ಅವರು ಇಂದಿನ ಡಿಜಿಟಲ್ ಯುಗದಲ್ಲಿ ಬ್ಯಾಂಕಿಂಗ್ ವ್ಯವಹಾರದ ಕುರಿತು ಅರಿವು ಇರುವುದು ಅತಿ ಅವಶ್ಯಕ. ಟೆಕ್ನಾಲಜಿ ಯುಗವಾದರೂ ಇದರಿಂದಲೂ ಸಾಕಷ್ಟು ಸಮಸ್ಯೆಗಳನ್ನು ಎದುರಿಸಬೇಕಾಗುತ್ತದೆ. ಆದ್ದರಿಂದ ಇಂದಿನ ಈ ಕಾರ್ಯಕ್ರಮದಲ್ಲಿ ಬ್ಯಾಂಕಿಂಗ್ ವ್ಯವಹಾರದ ಕುರಿತು ಸ್ಪಷ್ಟ ಮಾಹಿತಿ ಹಾಗೂ ತಿಳುವಳಿಕೆಯನ್ನು ಪಡೆದುಕೊಂಡು ಅದರ ಸದುಪಯೋಗವನ್ನು ಪಡಿಸಿ ಕೊಳ್ಳಬೇಕು ಹಾಗೂ ತಮ್ಮ ಕುಟುಂಬದಲ್ಲಿ ಹಾಗೂ ಸ್ನೇಹಿತರೊಂದಿಗೆ ಈ ವಿಚಾರ ಗಳನ್ನು ಹಂಚಿಕೊಂಡು ಯಾವುದೇ ರೀತಿ ಹಣಕಾ
ಸಿನ ಅಪಾಯಗಳಿಗೆ ಒಳಗಾಗದಂತೆ ಬ್ಯಾಂಕಿಂಗ್ ವ್ಯವಹಾರವನ್ನು ನಡೆಸಲು ಪ್ರಯತ್ನಿಸಬೇಕು ಎಂದರು.ವಾಣಿಜ್ಯ ವಿಭಾಗದ ವಿಭಾಗದ ಮುಖ್ಯಸ್ಥರಾದ ಡಾ.ಸಂಗೀತಾ ಪಿ., ಕಾಲೇ ಜಿನ ದೈಹಿಕ ಶಿಕ್ಷಣ ನಿರ್ದೇಶಕರಾದ ಯೋಗೀಶ್, ಸಹಾಯಕ ಪ್ರಾಧ್ಯಾಪಕರಾದ ರಮೇಶ್ ಎಸ್.,ಉಪನ್ಯಾಸಕರಾದ ಲಾವಣ್ಯ ಪಿ.ಸಿ. ಇಂಗ್ಲಿಷ್ ವಿಭಾಗದ ಮುಖ್ಯಸ್ಥರು ಹಾಗೂ ಐಕ್ಯೂಎಸಿ ಸಂಯೋಜಕರಾದ ಡಾ.ಸರಸ್ವತಿ ಕೆ.ಪಿ., ಕನ್ನಡ ವಿಭಾಗದ ಸಹಾಯಕ ಪ್ರಾಧ್ಯಾಪಕರಾದ ಸುಮಂಗಲ್ಯ, ಹಾಗೂ ಬೋಧಕ– ಬೋಧಕೇತರ ಸಿಬ್ಬಂದಿಗಳು ಭಾಗವಹಿಸಿ ಕಾರ್ಯಕ್ರಮದ ಯಶಸ್ವಿಗೆ ಸಹಕರಿಸಿದರು. ಪ್ರಥಮ ಬಿ.ಕಾಂ.ನ ವಿದ್ಯಾರ್ಥಿಗಳಾದ ಮಮತಾ ಪಿ., ಶ್ರೀಶಾ, ಭವ್ಯ ಹಾಗೂ ಕಿರಣ್ ಕುಮಾರ್ ಅವರು ಪ್ರಾರ್ಥಿಸಿದರು. ತೃತೀಯ ಬಿ.ಕಾಂ.ನ ಪಲ್ಲವಿ ಎಸ್ ಕೆ. ಸ್ವಾಗತಿಸಿ, ಪ್ರಥಮ ಬಿ.ಕಾಂ ನ ಮಮತಾ ಪಿ. ವಂದಿಸಿದರು. ದ್ವಿತೀಯ ಬಿ.ಕಾಂ.ನ ರಕ್ಷಿತಾ ಸಿ. ಕಾರ್ಯಕ್ರಮ ನಿರ್ವಹಿಸಿದರು.
